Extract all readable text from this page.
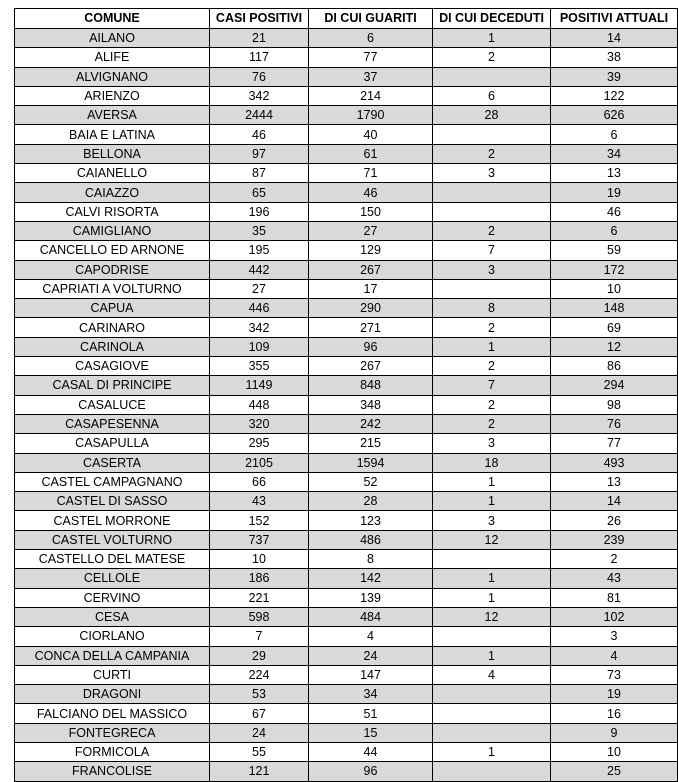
COMUNE	CASI POSITIVI	DI CUI GUARITI	DI CUI DECEDUTI	POSITIVI ATTUALI
AILANO	21	6	1	14
ALIFE	117	77	2	38
ALVIGNANO	76	37		39
ARIENZO	342	214	6	122
AVERSA	2444	1790	28	626
BAIA E LATINA	46	40		6
BELLONA	97	61	2	34
CAIANELLO	87	71	3	13
CAIAZZO	65	46		19
CALVI RISORTA	196	150		46
CAMIGLIANO	35	27	2	6
CANCELLO ED ARNONE	195	129	7	59
CAPODRISE	442	267	3	172
CAPRIATI A VOLTURNO	27	17		10
CAPUA	446	290	8	148
CARINARO	342	271	2	69
CARINOLA	109	96	1	12
CASAGIOVE	355	267	2	86
CASAL DI PRINCIPE	1149	848	7	294
CASALUCE	448	348	2	98
CASAPESENNA	320	242	2	76
CASAPULLA	295	215	3	77
CASERTA	2105	1594	18	493
CASTEL CAMPAGNANO	66	52	1	13
CASTEL DI SASSO	43	28	1	14
CASTEL MORRONE	152	123	3	26
CASTEL VOLTURNO	737	486	12	239
CASTELLO DEL MATESE	10	8		2
CELLOLE	186	142	1	43
CERVINO	221	139	1	81
CESA	598	484	12	102
CIORLANO	7	4		3
CONCA DELLA CAMPANIA	29	24	1	4
CURTI	224	147	4	73
DRAGONI	53	34		19
FALCIANO DEL MASSICO	67	51		16
FONTEGRECA	24	15		9
FORMICOLA	55	44	1	10
FRANCOLISE	121	96		25
